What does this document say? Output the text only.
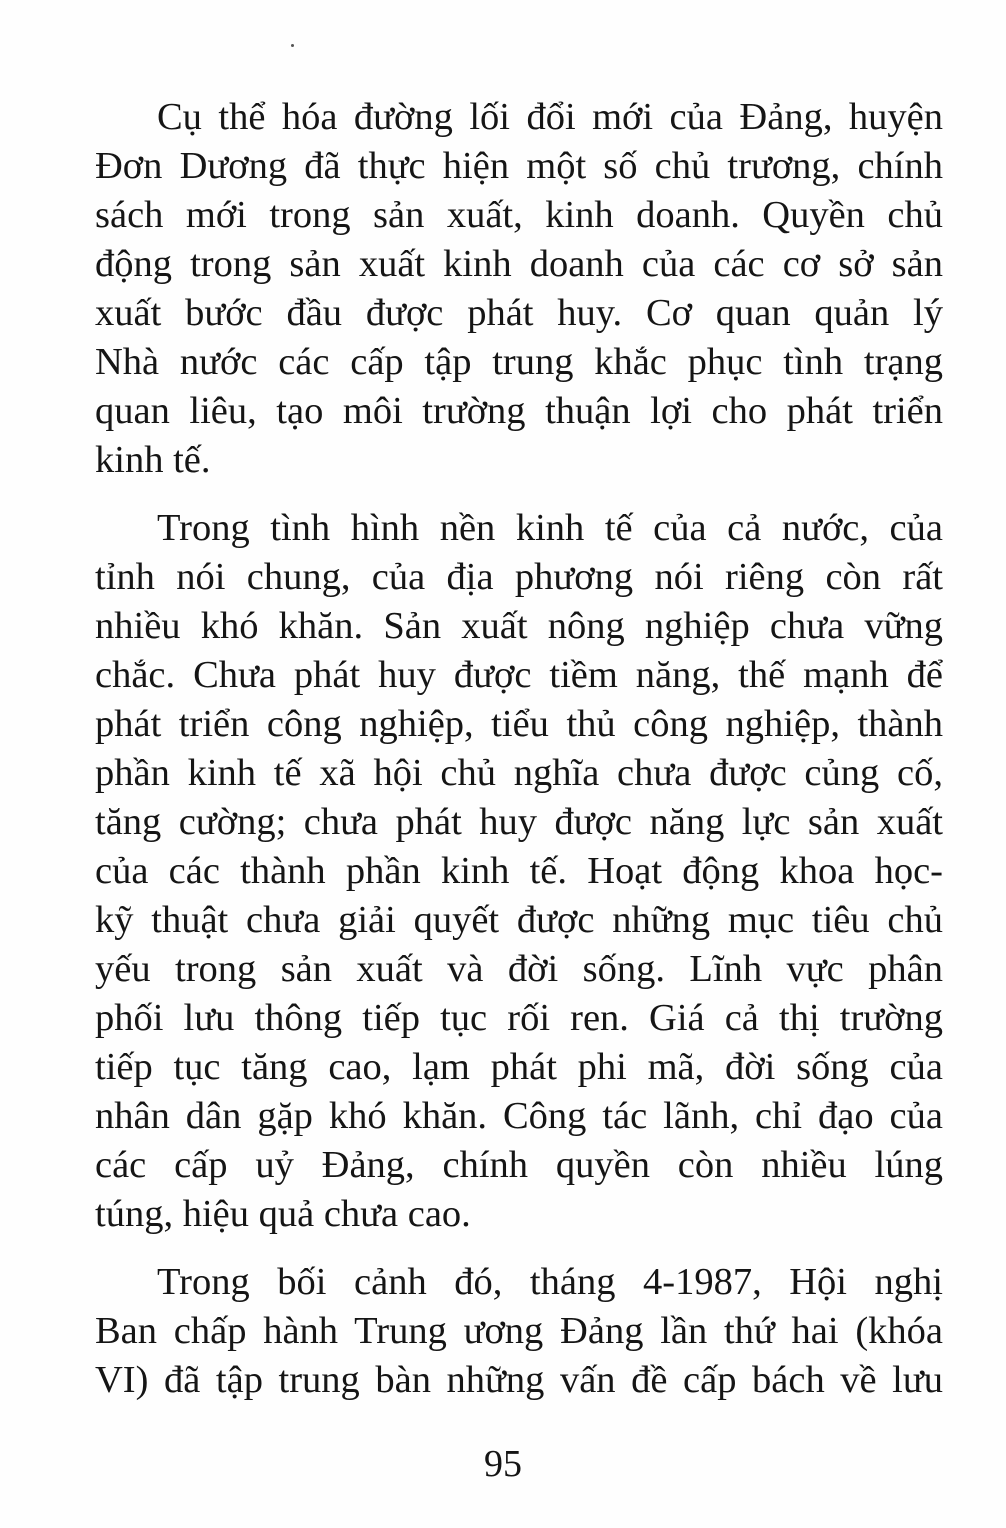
Cụ thể hóa đường lối đổi mới của Đảng, huyện
Đơn Dương đã thực hiện một số chủ trương, chính
sách mới trong sản xuất, kinh doanh. Quyền chủ
động trong sản xuất kinh doanh của các cơ sở sản
xuất bước đầu được phát huy. Cơ quan quản lý
Nhà nước các cấp tập trung khắc phục tình trạng
quan liêu, tạo môi trường thuận lợi cho phát triển
kinh tế.
Trong tình hình nền kinh tế của cả nước, của
tỉnh nói chung, của địa phương nói riêng còn rất
nhiều khó khăn. Sản xuất nông nghiệp chưa vững
chắc. Chưa phát huy được tiềm năng, thế mạnh để
phát triển công nghiệp, tiểu thủ công nghiệp, thành
phần kinh tế xã hội chủ nghĩa chưa được củng cố,
tăng cường; chưa phát huy được năng lực sản xuất
của các thành phần kinh tế. Hoạt động khoa học-
kỹ thuật chưa giải quyết được những mục tiêu chủ
yếu trong sản xuất và đời sống. Lĩnh vực phân
phối lưu thông tiếp tục rối ren. Giá cả thị trường
tiếp tục tăng cao, lạm phát phi mã, đời sống của
nhân dân gặp khó khăn. Công tác lãnh, chỉ đạo của
các cấp uỷ Đảng, chính quyền còn nhiều lúng
túng, hiệu quả chưa cao.
Trong bối cảnh đó, tháng 4-1987, Hội nghị
Ban chấp hành Trung ương Đảng lần thứ hai (khóa
VI) đã tập trung bàn những vấn đề cấp bách về lưu
95
